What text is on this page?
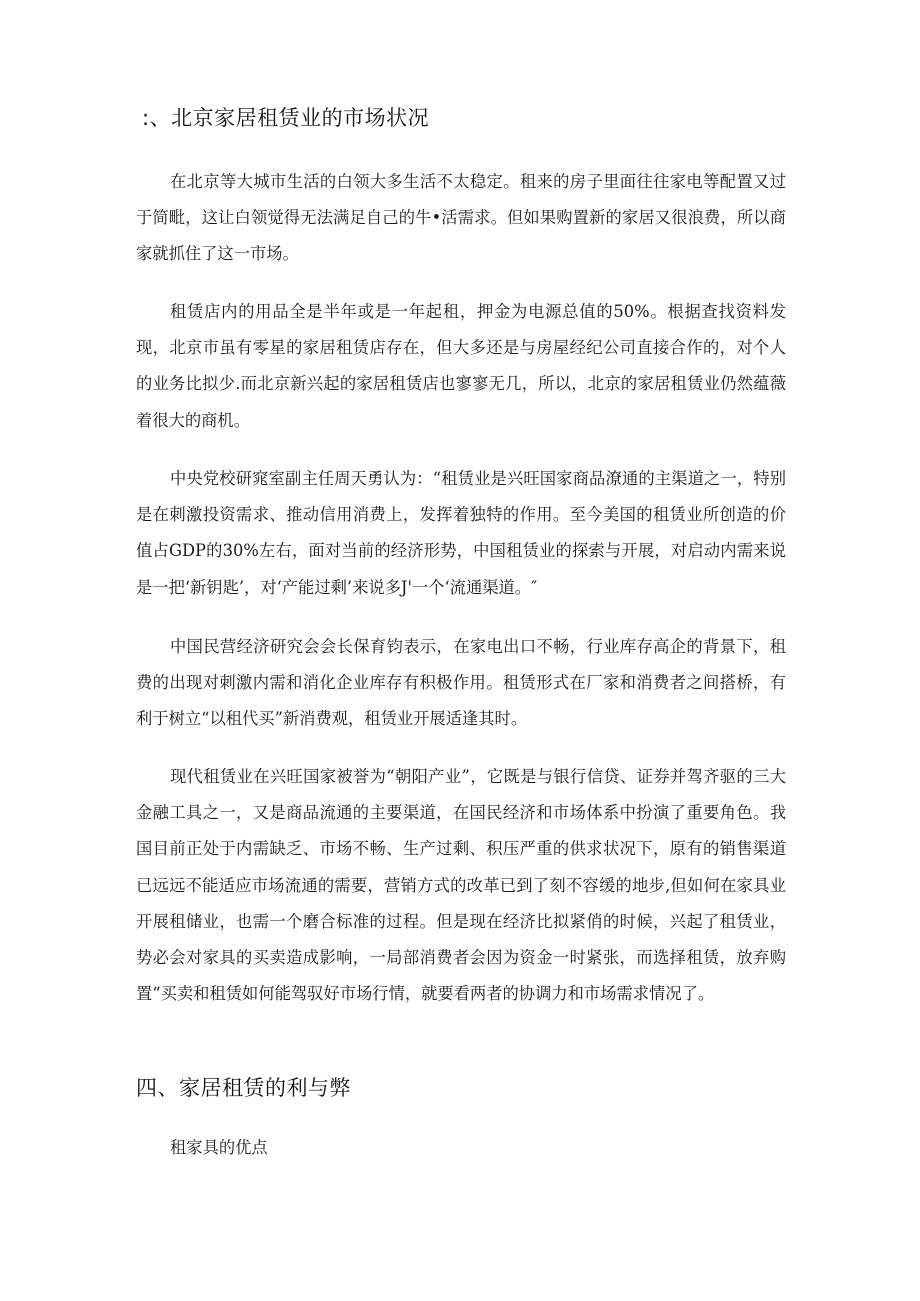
:、北京家居租赁业的市场状况

在北京等大城市生活的白领大多生活不太稳定。租来的房子里面往往家电等配置又过于简毗，这让白领觉得无法满足自己的牛•活需求。但如果购置新的家居又很浪费，所以商家就抓住了这一市场。

租赁店内的用品全是半年或是一年起租，押金为电源总值的50%。根据查找资料发现，北京市虽有零星的家居租赁店存在，但大多还是与房屋经纪公司直接合作的，对个人的业务比拟少.而北京新兴起的家居租赁店也寥寥无几，所以，北京的家居租赁业仍然蕴薇着很大的商机。

中央党校研窕室副主任周天勇认为：“租赁业是兴旺国家商品潦通的主渠道之一，特别是在刺激投资需求、推动信用消费上，发挥着独特的作用。至今美国的租赁业所创造的价值占GDP的30%左右，面对当前的经济形势，中国租赁业的探索与开展，对启动内需来说是一把‘新钥匙’，对‘产能过剩’来说多J'一个‘流通渠道。″

中国民营经济研究会会长保育钧表示，在家电出口不畅，行业库存高企的背景下，租费的出现对刺激内需和消化企业库存有积极作用。租赁形式在厂家和消费者之间搭桥，有利于树立“以租代买”新消费观，租赁业开展适逢其时。

现代租赁业在兴旺国家被誉为“朝阳产业”，它既是与银行信贷、证券并驾齐驱的三大金融工具之一，又是商品流通的主要渠道，在国民经济和市场体系中扮演了重要角色。我国目前正处于内需缺乏、市场不畅、生产过剩、积压严重的供求状况下，原有的销售渠道已远远不能适应市场流通的需要，营销方式的改革已到了刻不容缓的地步,但如何在家具业开展租储业，也需一个磨合标准的过程。但是现在经济比拟紧俏的时候，兴起了租赁业，势必会对家具的买卖造成影响，一局部消费者会因为资金一时紧张，而选择租赁，放弃购置“买卖和租赁如何能驾驭好市场行情，就要看两者的协调力和市场需求情况了。

四、家居租赁的利与弊

租家具的优点
